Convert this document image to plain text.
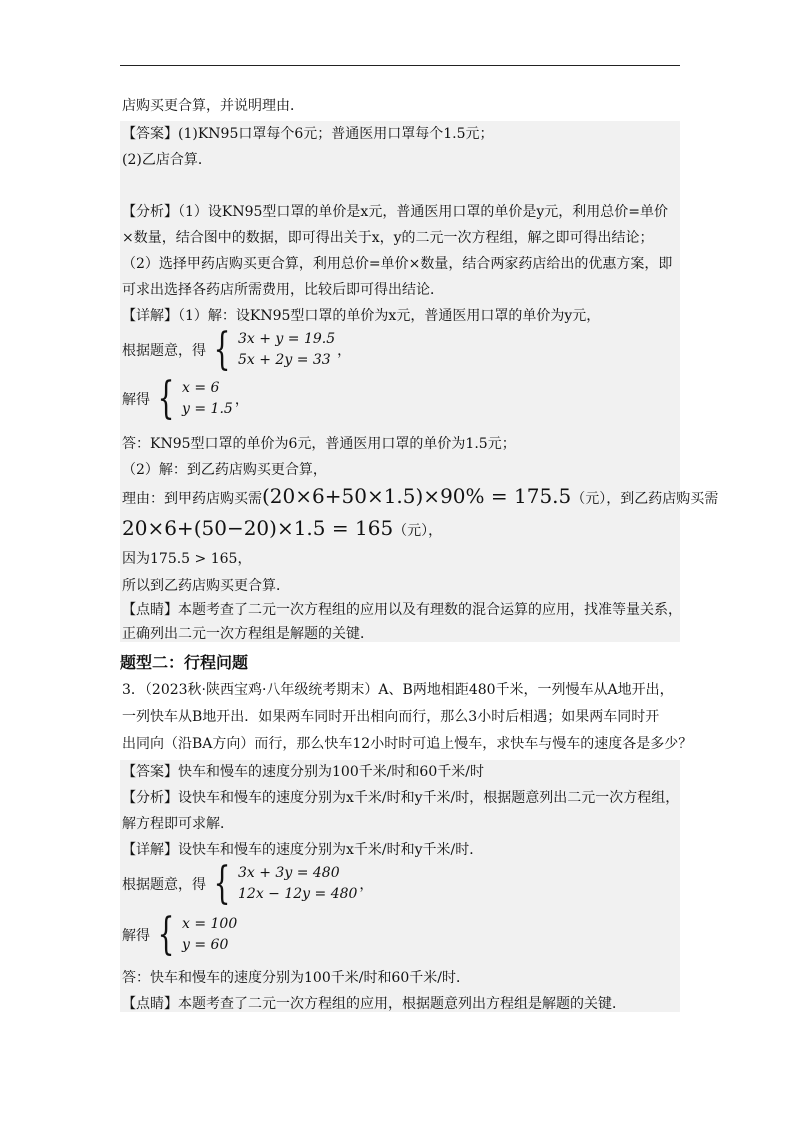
店购买更合算，并说明理由．
【答案】(1)KN95口罩每个6元；普通医用口罩每个1.5元；
(2)乙店合算．
【分析】（1）设KN95型口罩的单价是x元，普通医用口罩的单价是y元，利用总价=单价
×数量，结合图中的数据，即可得出关于x，y的二元一次方程组，解之即可得出结论；
（2）选择甲药店购买更合算，利用总价=单价×数量，结合两家药店给出的优惠方案，即
可求出选择各药店所需费用，比较后即可得出结论．
【详解】（1）解：设KN95型口罩的单价为x元，普通医用口罩的单价为y元，
根据题意，得 { 3x + y = 19.5
5x + 2y = 33
，
解得 { x = 6
y = 1.5
，
答：KN95型口罩的单价为6元，普通医用口罩的单价为1.5元；
（2）解：到乙药店购买更合算，
理由：到甲药店购买需(20×6+50×1.5)×90% = 175.5（元），到乙药店购买需
20×6+(50−20)×1.5 = 165（元），
因为175.5 > 165，
所以到乙药店购买更合算．
【点睛】本题考查了二元一次方程组的应用以及有理数的混合运算的应用，找准等量关系，
正确列出二元一次方程组是解题的关键．
题型二：行程问题
3．（2023秋·陕西宝鸡·八年级统考期末）A、B两地相距480千米，一列慢车从A地开出，
一列快车从B地开出．如果两车同时开出相向而行，那么3小时后相遇；如果两车同时开
出同向（沿BA方向）而行，那么快车12小时时可追上慢车，求快车与慢车的速度各是多少？
【答案】快车和慢车的速度分别为100千米/时和60千米/时
【分析】设快车和慢车的速度分别为x千米/时和y千米/时，根据题意列出二元一次方程组，
解方程即可求解．
【详解】设快车和慢车的速度分别为x千米/时和y千米/时．
根据题意，得 { 3x + 3y = 480
12x − 12y = 480
，
解得 { x = 100
y = 60
答：快车和慢车的速度分别为100千米/时和60千米/时．
【点睛】本题考查了二元一次方程组的应用，根据题意列出方程组是解题的关键．
